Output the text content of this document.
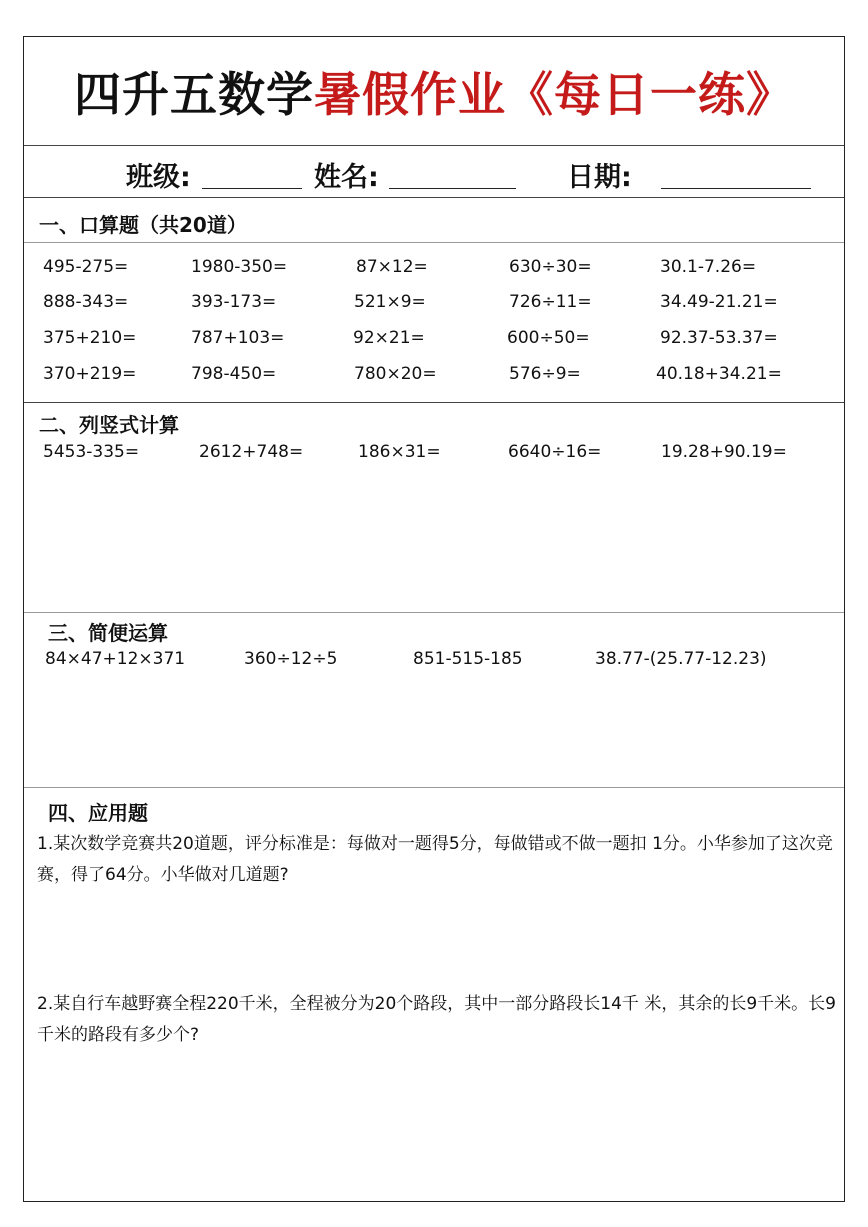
四升五数学 暑假作业《每日一练》
班级:	姓名:	日期:
一、口算题（共20道）
495-275=	1980-350=	87×12=	630÷30=	30.1-7.26=
888-343=	393-173=	521×9=	726÷11=	34.49-21.21=
375+210=	787+103=	92×21=	600÷50=	92.37-53.37=
370+219=	798-450=	780×20=	576÷9=	40.18+34.21=
二、列竖式计算
5453-335=	2612+748=	186×31=	6640÷16=	19.28+90.19=
三、简便运算
84×47+12×371	360÷12÷5	851-515-185	38.77-(25.77-12.23)
四、应用题
1.某次数学竞赛共20道题，评分标准是：每做对一题得5分，每做错或不做一题扣 1分。小华参加了这次竞赛，得了64分。小华做对几道题?
2.某自行车越野赛全程220千米，全程被分为20个路段，其中一部分路段长14千 米，其余的长9千米。长9千米的路段有多少个?
